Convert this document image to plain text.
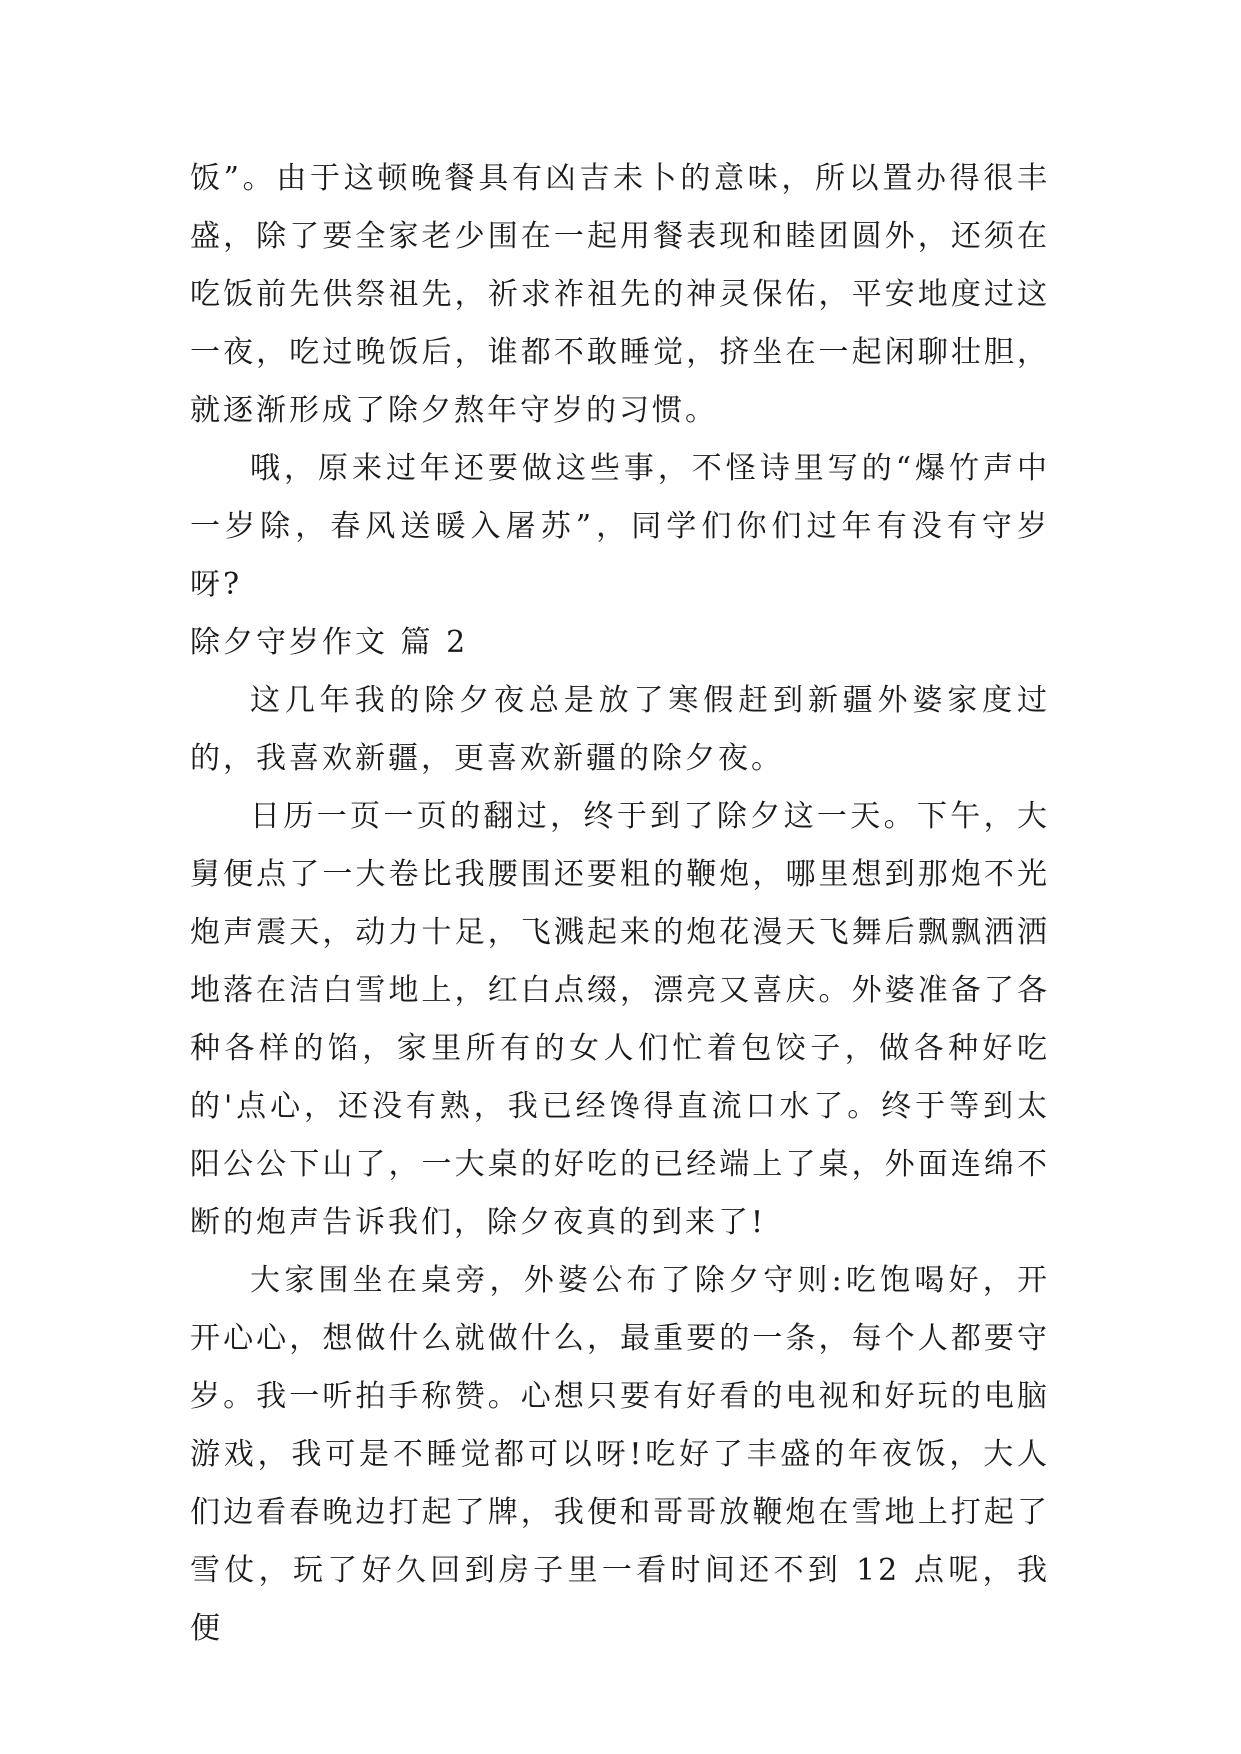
饭”。由于这顿晚餐具有凶吉未卜的意味，所以置办得很丰盛，除了要全家老少围在一起用餐表现和睦团圆外，还须在吃饭前先供祭祖先，祈求祚祖先的神灵保佑，平安地度过这一夜，吃过晚饭后，谁都不敢睡觉，挤坐在一起闲聊壮胆，就逐渐形成了除夕熬年守岁的习惯。

哦，原来过年还要做这些事，不怪诗里写的“爆竹声中一岁除，春风送暖入屠苏”，同学们你们过年有没有守岁呀?

除夕守岁作文 篇 2

这几年我的除夕夜总是放了寒假赶到新疆外婆家度过的，我喜欢新疆，更喜欢新疆的除夕夜。

日历一页一页的翻过，终于到了除夕这一天。下午，大舅便点了一大卷比我腰围还要粗的鞭炮，哪里想到那炮不光炮声震天，动力十足，飞溅起来的炮花漫天飞舞后飘飘洒洒地落在洁白雪地上，红白点缀，漂亮又喜庆。外婆准备了各种各样的馅，家里所有的女人们忙着包饺子，做各种好吃的'点心，还没有熟，我已经馋得直流口水了。终于等到太阳公公下山了，一大桌的好吃的已经端上了桌，外面连绵不断的炮声告诉我们，除夕夜真的到来了!

大家围坐在桌旁，外婆公布了除夕守则:吃饱喝好，开开心心，想做什么就做什么，最重要的一条，每个人都要守岁。我一听拍手称赞。心想只要有好看的电视和好玩的电脑游戏，我可是不睡觉都可以呀!吃好了丰盛的年夜饭，大人们边看春晚边打起了牌，我便和哥哥放鞭炮在雪地上打起了雪仗，玩了好久回到房子里一看时间还不到 12 点呢，我便
